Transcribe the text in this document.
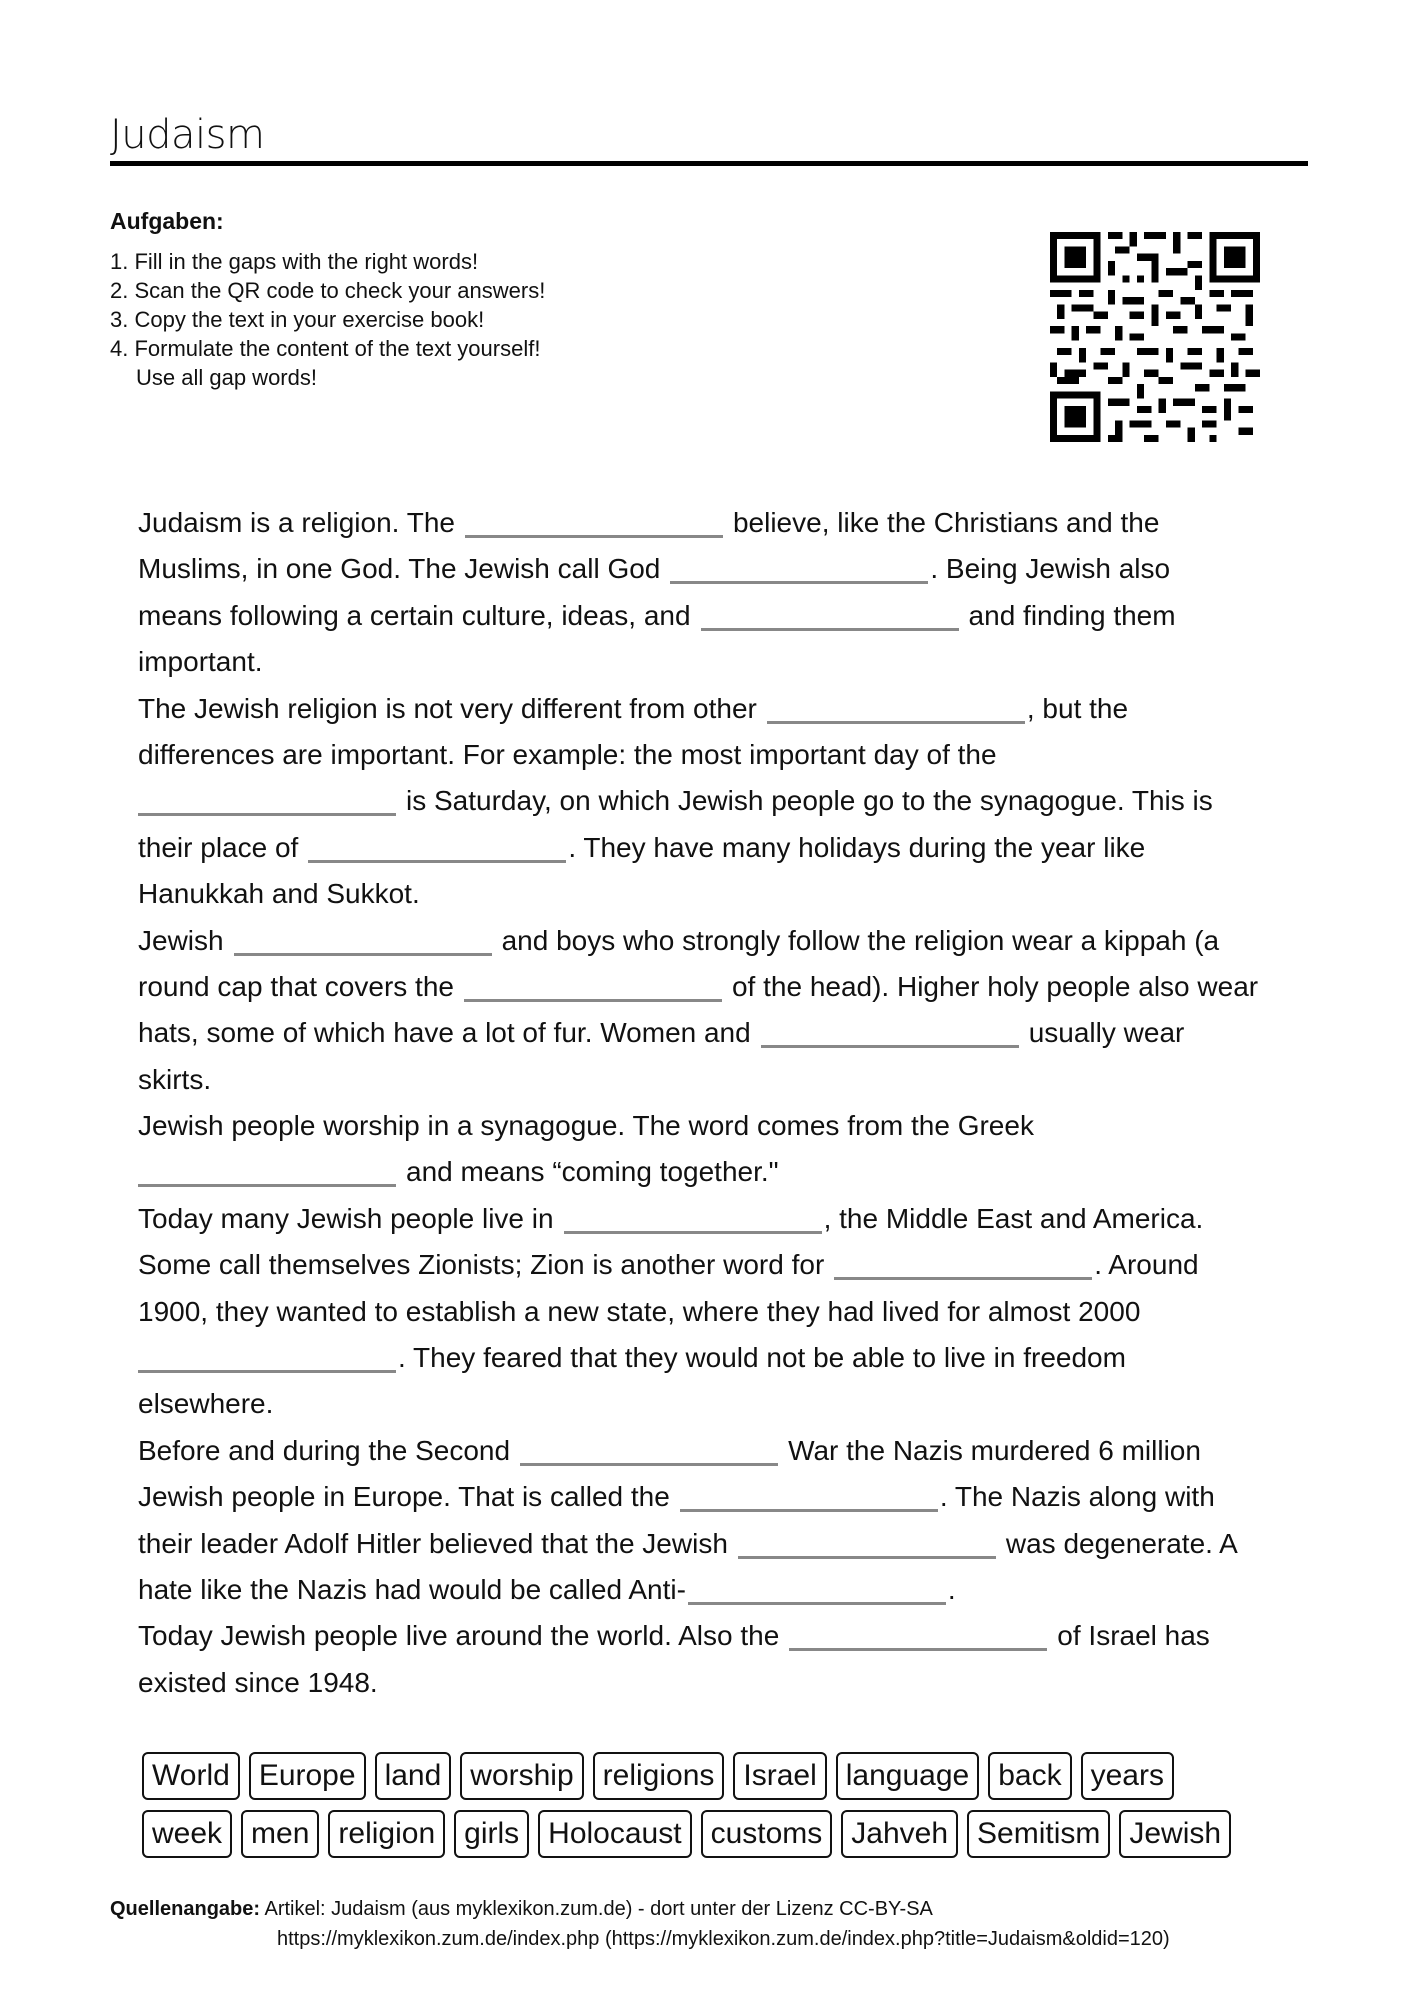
Judaism
Aufgaben:
1. Fill in the gaps with the right words!
2. Scan the QR code to check your answers!
3. Copy the text in your exercise book!
4. Formulate the content of the text yourself!
Use all gap words!
Judaism is a religion. The	believe, like the Christians and the
Muslims, in one God. The Jewish call God	. Being Jewish also
means following a certain culture, ideas, and	and finding them
important.
The Jewish religion is not very different from other	, but the
differences are important. For example: the most important day of the
is Saturday, on which Jewish people go to the synagogue. This is
their place of	. They have many holidays during the year like
Hanukkah and Sukkot.
Jewish	and boys who strongly follow the religion wear a kippah (a
round cap that covers the	of the head). Higher holy people also wear
hats, some of which have a lot of fur. Women and	usually wear
skirts.
Jewish people worship in a synagogue. The word comes from the Greek
and means “coming together."
Today many Jewish people live in	, the Middle East and America.
Some call themselves Zionists; Zion is another word for	. Around
1900, they wanted to establish a new state, where they had lived for almost 2000
. They feared that they would not be able to live in freedom
elsewhere.
Before and during the Second	War the Nazis murdered 6 million
Jewish people in Europe. That is called the	. The Nazis along with
their leader Adolf Hitler believed that the Jewish	was degenerate. A
hate like the Nazis had would be called Anti-	.
Today Jewish people live around the world. Also the	of Israel has
existed since 1948.
World Europe land worship religions Israel language back years
week men religion girls Holocaust customs Jahveh Semitism Jewish
Quellenangabe: Artikel: Judaism (aus myklexikon.zum.de) - dort unter der Lizenz CC-BY-SA
https://myklexikon.zum.de/index.php (https://myklexikon.zum.de/index.php?title=Judaism&oldid=120)
